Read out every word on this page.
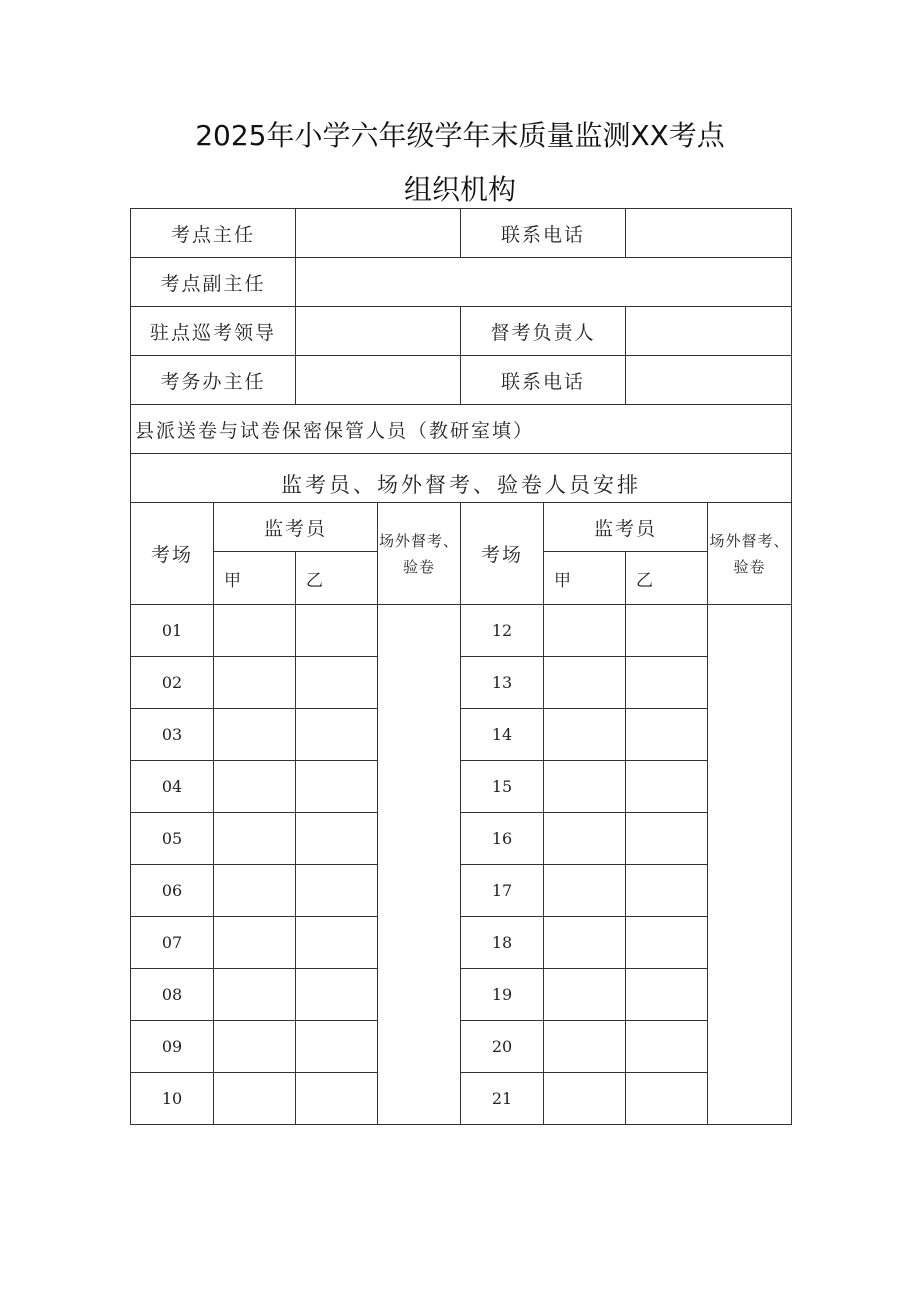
2025年小学六年级学年末质量监测XX考点
组织机构
考点主任				联系电话			
考点副主任							
驻点巡考领导				督考负责人			
考务办主任				联系电话			
县派送卷与试卷保密保管人员（教研室填）							
监考员、场外督考、验卷人员安排							
考场	监考员		场外督考、验卷	考场	监考员		场外督考、验卷
	甲	乙			甲	乙	
01				12			
02				13			
03				14			
04				15			
05				16			
06				17			
07				18			
08				19			
09				20			
10				21			
